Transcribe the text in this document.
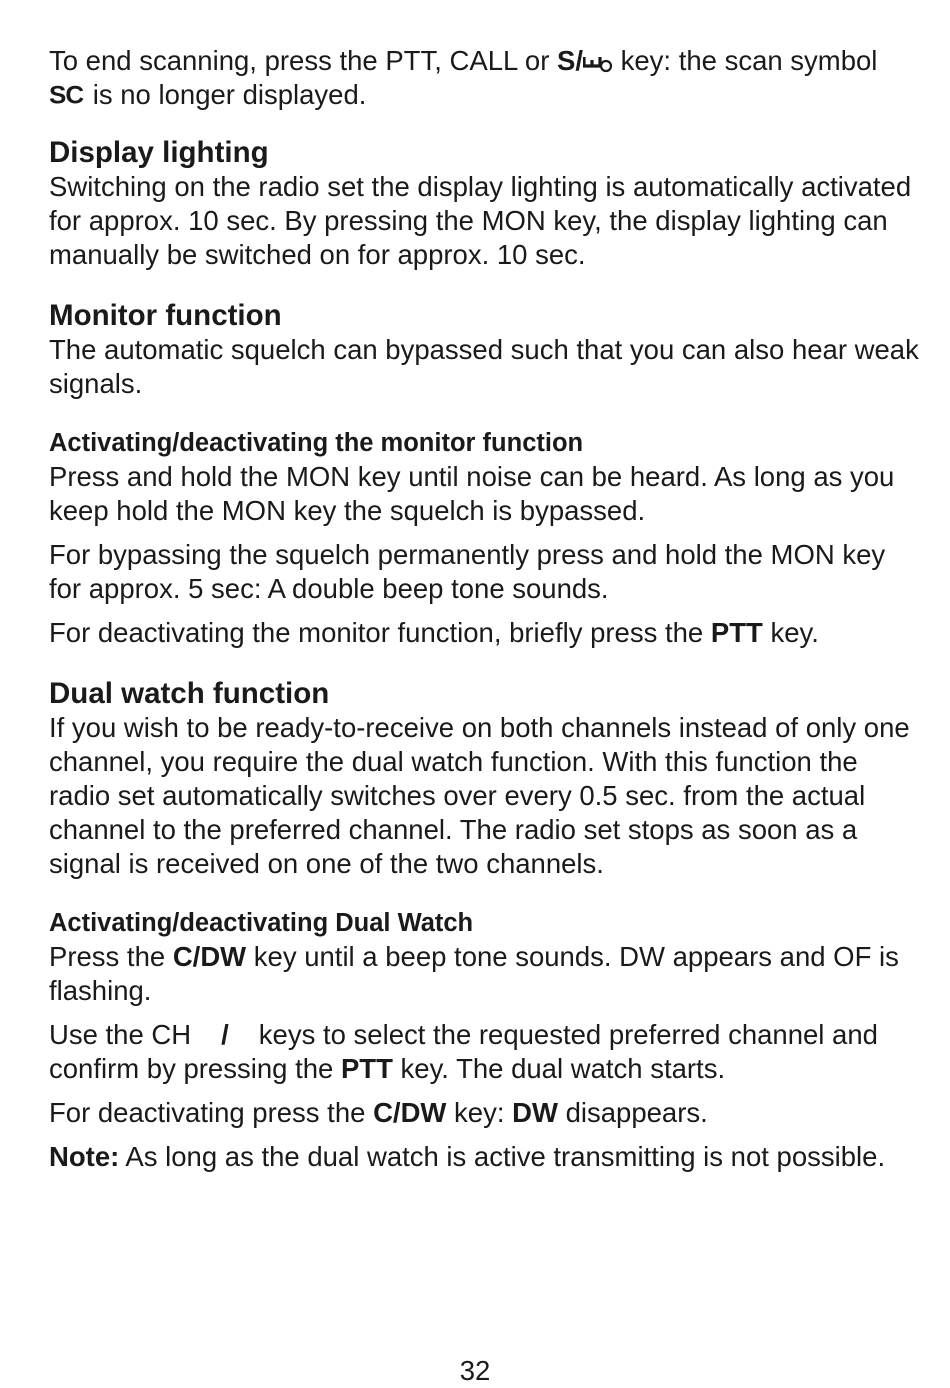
To end scanning, press the PTT, CALL or S/ key: the scan symbol
SC is no longer displayed.

Display lighting

Switching on the radio set the display lighting is automatically activated for approx. 10 sec. By pressing the MON key, the display lighting can manually be switched on for approx. 10 sec.

Monitor function

The automatic squelch can bypassed such that you can also hear weak signals.

Activating/deactivating the monitor function

Press and hold the MON key until noise can be heard. As long as you keep hold the MON key the squelch is bypassed.

For bypassing the squelch permanently press and hold the MON key for approx. 5 sec: A double beep tone sounds.

For deactivating the monitor function, briefly press the PTT key.

Dual watch function

If you wish to be ready-to-receive on both channels instead of only one channel, you require the dual watch function. With this function the radio set automatically switches over every 0.5 sec. from the actual channel to the preferred channel. The radio set stops as soon as a signal is received on one of the two channels.

Activating/deactivating Dual Watch

Press the C/DW key until a beep tone sounds. DW appears and OF is flashing.

Use the CH / keys to select the requested preferred channel and confirm by pressing the PTT key. The dual watch starts.

For deactivating press the C/DW key: DW disappears.

Note: As long as the dual watch is active transmitting is not possible.

32
